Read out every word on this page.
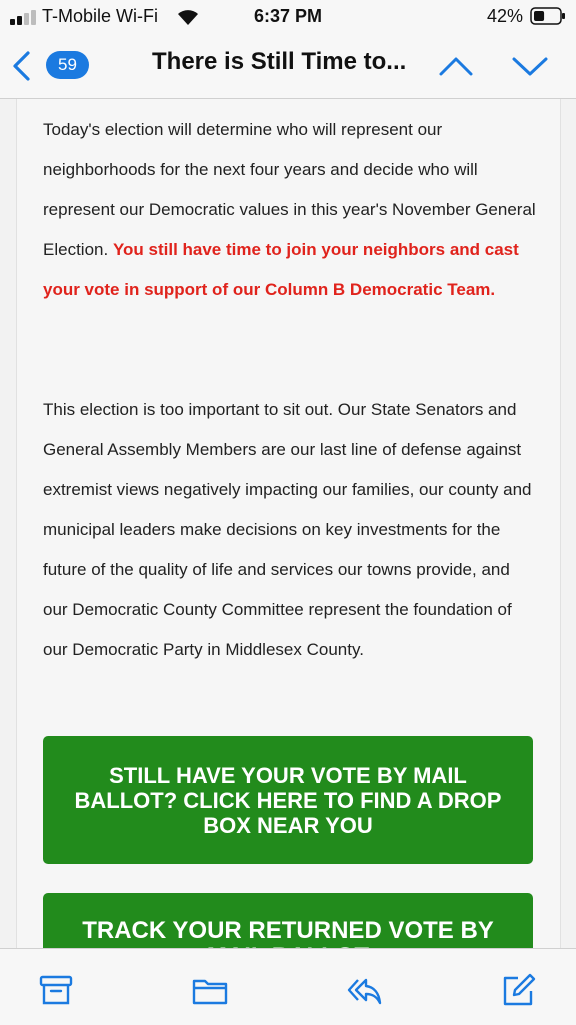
T-Mobile Wi-Fi	6:37 PM	42%
59	There is Still Time to...

Today's election will determine who will represent our neighborhoods for the next four years and decide who will represent our Democratic values in this year's November General Election. You still have time to join your neighbors and cast your vote in support of our Column B Democratic Team.

This election is too important to sit out. Our State Senators and General Assembly Members are our last line of defense against extremist views negatively impacting our families, our county and municipal leaders make decisions on key investments for the future of the quality of life and services our towns provide, and our Democratic County Committee represent the foundation of our Democratic Party in Middlesex County.

STILL HAVE YOUR VOTE BY MAIL BALLOT? CLICK HERE TO FIND A DROP BOX NEAR YOU
TRACK YOUR RETURNED VOTE BY
